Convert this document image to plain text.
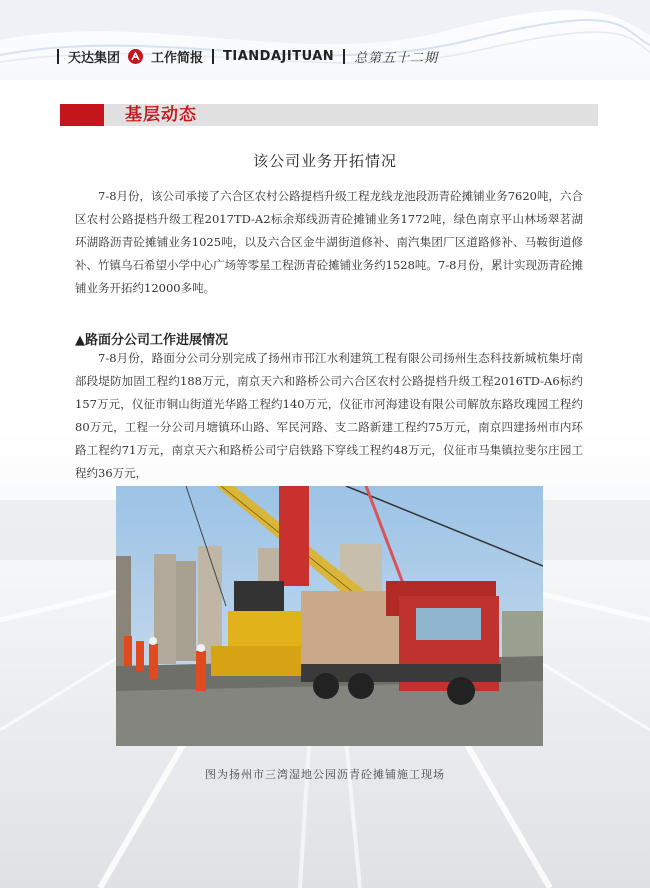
天达集团 工作简报 TIANDAJITUAN 总第五十二期
基层动态
该公司业务开拓情况

7-8月份，该公司承接了六合区农村公路提档升级工程龙线龙池段沥青砼摊铺业务7620吨，六合区农村公路提档升级工程2017TD-A2标余郑线沥青砼摊铺业务1772吨，绿色南京平山林场翠茗湖环湖路沥青砼摊铺业务1025吨，以及六合区金牛湖街道修补、南汽集团厂区道路修补、马鞍街道修补、竹镇乌石希望小学中心广场等零星工程沥青砼摊铺业务约1528吨。7-8月份，累计实现沥青砼摊铺业务开拓约12000多吨。

▲路面分公司工作进展情况

7-8月份，路面分公司分别完成了扬州市邗江水利建筑工程有限公司扬州生态科技新城杭集圩南部段堤防加固工程约188万元，南京天六和路桥公司六合区农村公路提档升级工程2016TD-A6标约157万元，仪征市铜山街道光华路工程约140万元，仪征市河海建设有限公司解放东路玫瑰园工程约80万元，工程一分公司月塘镇环山路、军民河路、支二路新建工程约75万元，南京四建扬州市内环路工程约71万元，南京天六和路桥公司宁启铁路下穿线工程约48万元，仪征市马集镇拉斐尔庄园工程约36万元，

图为扬州市三湾湿地公园沥青砼摊铺施工现场
